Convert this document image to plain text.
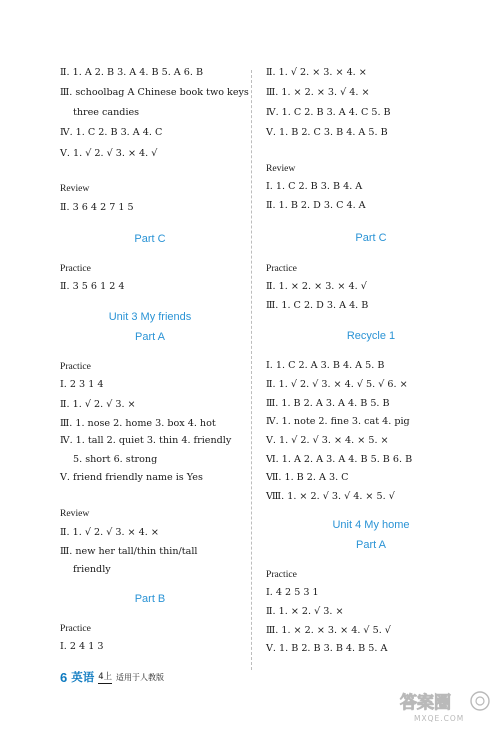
Ⅱ. 1. A 2. B 3. A 4. B 5. A 6. B
Ⅲ. schoolbag A Chinese book two keys
three candies
Ⅳ. 1. C 2. B 3. A 4. C
Ⅴ. 1. √ 2. √ 3. × 4. √
Review
Ⅱ. 3 6 4 2 7 1 5
Part C
Practice
Ⅱ. 3 5 6 1 2 4
Unit 3 My friends
Part A
Practice
Ⅰ. 2 3 1 4
Ⅱ. 1. √ 2. √ 3. ×
Ⅲ. 1. nose 2. home 3. box 4. hot
Ⅳ. 1. tall 2. quiet 3. thin 4. friendly
5. short 6. strong
Ⅴ. friend friendly name is Yes
Review
Ⅱ. 1. √ 2. √ 3. × 4. ×
Ⅲ. new her tall/thin thin/tall
friendly
Part B
Practice
Ⅰ. 2 4 1 3
Ⅱ. 1. √ 2. × 3. × 4. ×
Ⅲ. 1. × 2. × 3. √ 4. ×
Ⅳ. 1. C 2. B 3. A 4. C 5. B
Ⅴ. 1. B 2. C 3. B 4. A 5. B
Review
Ⅰ. 1. C 2. B 3. B 4. A
Ⅱ. 1. B 2. D 3. C 4. A
Part C
Practice
Ⅱ. 1. × 2. × 3. × 4. √
Ⅲ. 1. C 2. D 3. A 4. B
Recycle 1
Ⅰ. 1. C 2. A 3. B 4. A 5. B
Ⅱ. 1. √ 2. √ 3. × 4. √ 5. √ 6. ×
Ⅲ. 1. B 2. A 3. A 4. B 5. B
Ⅳ. 1. note 2. fine 3. cat 4. pig
Ⅴ. 1. √ 2. √ 3. × 4. × 5. ×
Ⅵ. 1. A 2. A 3. A 4. B 5. B 6. B
Ⅶ. 1. B 2. A 3. C
Ⅷ. 1. × 2. √ 3. √ 4. × 5. √
Unit 4 My home
Part A
Practice
Ⅰ. 4 2 5 3 1
Ⅱ. 1. × 2. √ 3. ×
Ⅲ. 1. × 2. × 3. × 4. √ 5. √
Ⅴ. 1. B 2. B 3. B 4. B 5. A
6 英语 4上 适用于人教版
答案圈
MXQE.COM
